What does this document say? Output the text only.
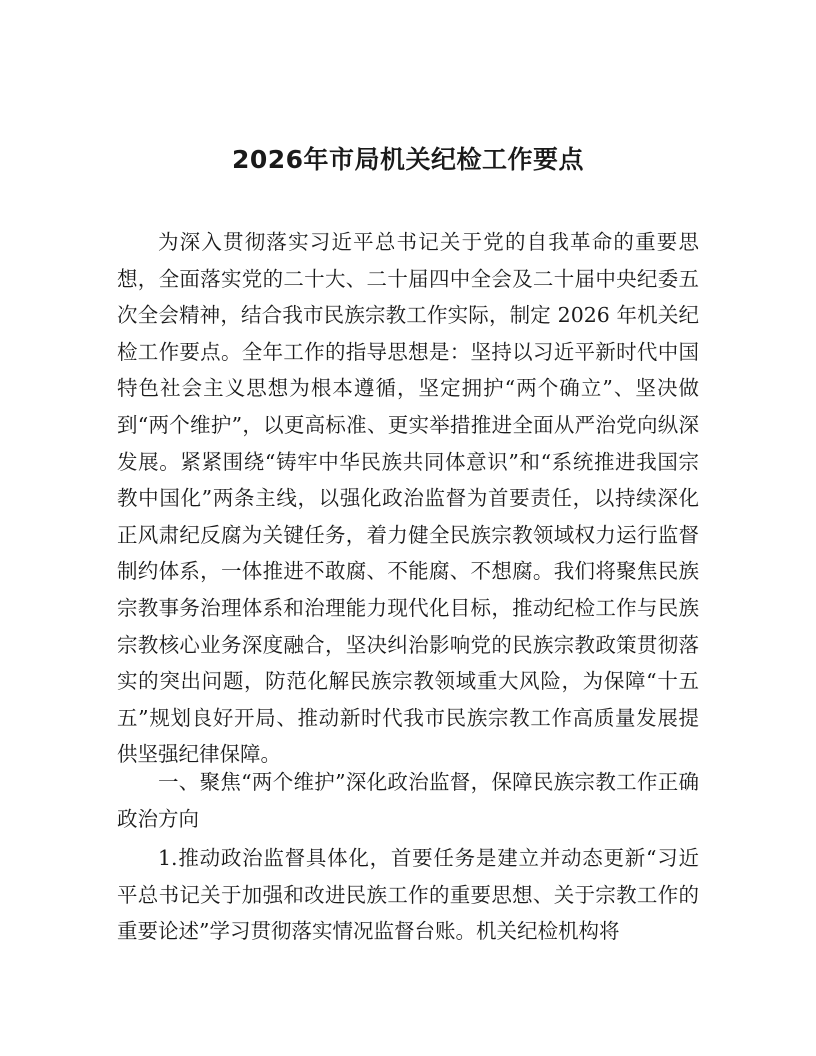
2026年市局机关纪检工作要点

为深入贯彻落实习近平总书记关于党的自我革命的重要思想，全面落实党的二十大、二十届四中全会及二十届中央纪委五次全会精神，结合我市民族宗教工作实际，制定 2026 年机关纪检工作要点。全年工作的指导思想是：坚持以习近平新时代中国特色社会主义思想为根本遵循，坚定拥护“两个确立”、坚决做到“两个维护”，以更高标准、更实举措推进全面从严治党向纵深发展。紧紧围绕“铸牢中华民族共同体意识”和“系统推进我国宗教中国化”两条主线，以强化政治监督为首要责任，以持续深化正风肃纪反腐为关键任务，着力健全民族宗教领域权力运行监督制约体系，一体推进不敢腐、不能腐、不想腐。我们将聚焦民族宗教事务治理体系和治理能力现代化目标，推动纪检工作与民族宗教核心业务深度融合，坚决纠治影响党的民族宗教政策贯彻落实的突出问题，防范化解民族宗教领域重大风险，为保障“十五五”规划良好开局、推动新时代我市民族宗教工作高质量发展提供坚强纪律保障。

一、聚焦“两个维护”深化政治监督，保障民族宗教工作正确政治方向

1.推动政治监督具体化，首要任务是建立并动态更新“习近平总书记关于加强和改进民族工作的重要思想、关于宗教工作的重要论述”学习贯彻落实情况监督台账。机关纪检机构将
